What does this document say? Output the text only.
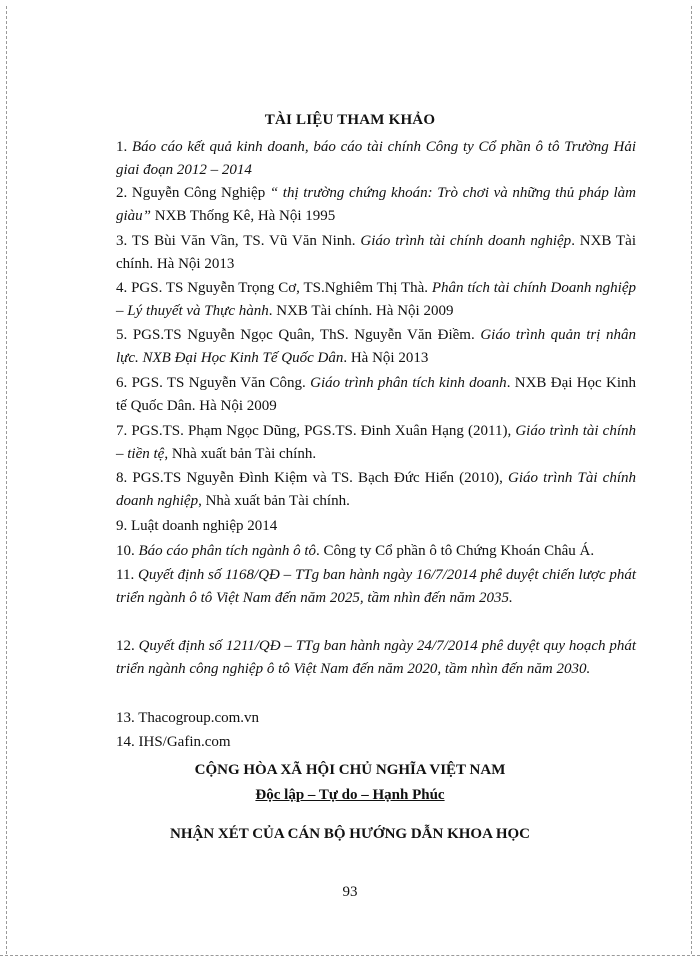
TÀI LIỆU THAM KHẢO
1. Báo cáo kết quả kinh doanh, báo cáo tài chính Công ty Cổ phần ô tô Trường Hải giai đoạn 2012 – 2014
2. Nguyễn Công Nghiệp “ thị trường chứng khoán: Trò chơi và những thủ pháp làm giàu” NXB Thống Kê, Hà Nội 1995
3. TS Bùi Văn Vần, TS. Vũ Văn Ninh. Giáo trình tài chính doanh nghiệp. NXB Tài chính. Hà Nội 2013
4. PGS. TS Nguyễn Trọng Cơ, TS.Nghiêm Thị Thà. Phân tích tài chính Doanh nghiệp – Lý thuyết và Thực hành. NXB Tài chính. Hà Nội 2009
5. PGS.TS Nguyễn Ngọc Quân, ThS. Nguyễn Văn Điềm. Giáo trình quản trị nhân lực. NXB Đại Học Kinh Tế Quốc Dân. Hà Nội 2013
6. PGS. TS Nguyễn Văn Công. Giáo trình phân tích kinh doanh. NXB Đại Học Kinh tế Quốc Dân. Hà Nội 2009
7. PGS.TS. Phạm Ngọc Dũng, PGS.TS. Đinh Xuân Hạng (2011), Giáo trình tài chính – tiền tệ, Nhà xuất bản Tài chính.
8. PGS.TS Nguyễn Đình Kiệm và TS. Bạch Đức Hiển (2010), Giáo trình Tài chính doanh nghiệp, Nhà xuất bản Tài chính.
9. Luật doanh nghiệp 2014
10. Báo cáo phân tích ngành ô tô. Công ty Cổ phần ô tô Chứng Khoán Châu Á.
11. Quyết định số 1168/QĐ – TTg ban hành ngày 16/7/2014 phê duyệt chiến lược phát triển ngành ô tô Việt Nam đến năm 2025, tầm nhìn đến năm 2035.
12. Quyết định số 1211/QĐ – TTg ban hành ngày 24/7/2014 phê duyệt quy hoạch phát triển ngành công nghiệp ô tô Việt Nam đến năm 2020, tầm nhìn đến năm 2030.
13. Thacogroup.com.vn
14. IHS/Gafin.com
CỘNG HÒA XÃ HỘI CHỦ NGHĨA VIỆT NAM
Độc lập – Tự do – Hạnh Phúc
NHẬN XÉT CỦA CÁN BỘ HƯỚNG DẪN KHOA HỌC
93
